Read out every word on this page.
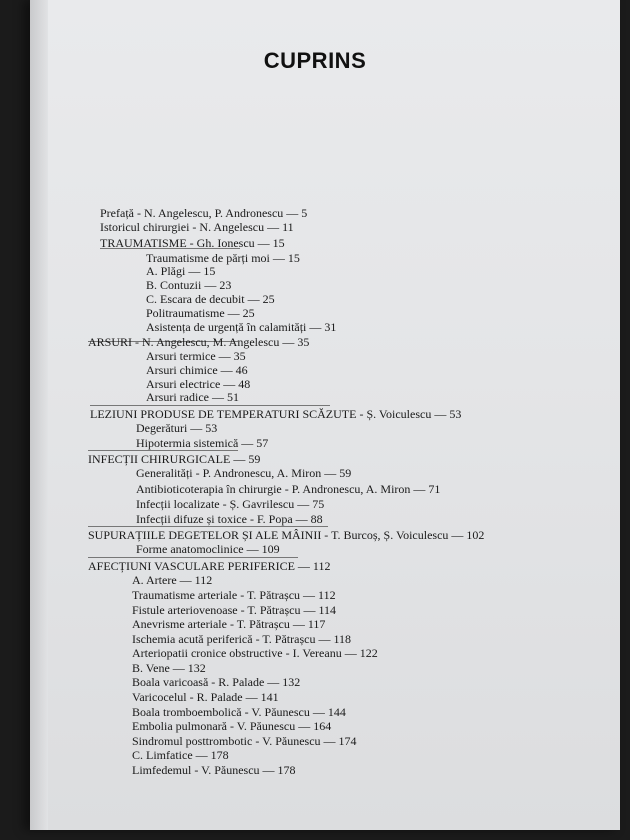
CUPRINS
Prefață - N. Angelescu, P. Andronescu — 5
Istoricul chirurgiei - N. Angelescu — 11
TRAUMATISME - Gh. Ionescu — 15
Traumatisme de părți moi — 15
A. Plăgi — 15
B. Contuzii — 23
C. Escara de decubit — 25
Politraumatisme — 25
Asistența de urgență în calamități — 31
ARSURI - N. Angelescu, M. Angelescu — 35
Arsuri termice — 35
Arsuri chimice — 46
Arsuri electrice — 48
Arsuri radice — 51
LEZIUNI PRODUSE DE TEMPERATURI SCĂZUTE - Ș. Voiculescu — 53
Degerături — 53
Hipotermia sistemică — 57
INFECȚII CHIRURGICALE — 59
Generalități - P. Andronescu, A. Miron — 59
Antibioticoterapia în chirurgie - P. Andronescu, A. Miron — 71
Infecții localizate - Ș. Gavrilescu — 75
Infecții difuze și toxice - F. Popa — 88
SUPURAȚIILE DEGETELOR ȘI ALE MÂINII - T. Burcoș, Ș. Voiculescu — 102
Forme anatomoclinice — 109
AFECȚIUNI VASCULARE PERIFERICE — 112
A. Artere — 112
Traumatisme arteriale - T. Pătrașcu — 112
Fistule arteriovenoase - T. Pătrașcu — 114
Anevrisme arteriale - T. Pătrașcu — 117
Ischemia acută periferică - T. Pătrașcu — 118
Arteriopatii cronice obstructive - I. Vereanu — 122
B. Vene — 132
Boala varicoasă - R. Palade — 132
Varicocelul - R. Palade — 141
Boala tromboembolică - V. Păunescu — 144
Embolia pulmonară - V. Păunescu — 164
Sindromul posttrombotic - V. Păunescu — 174
C. Limfatice — 178
Limfedemul - V. Păunescu — 178
